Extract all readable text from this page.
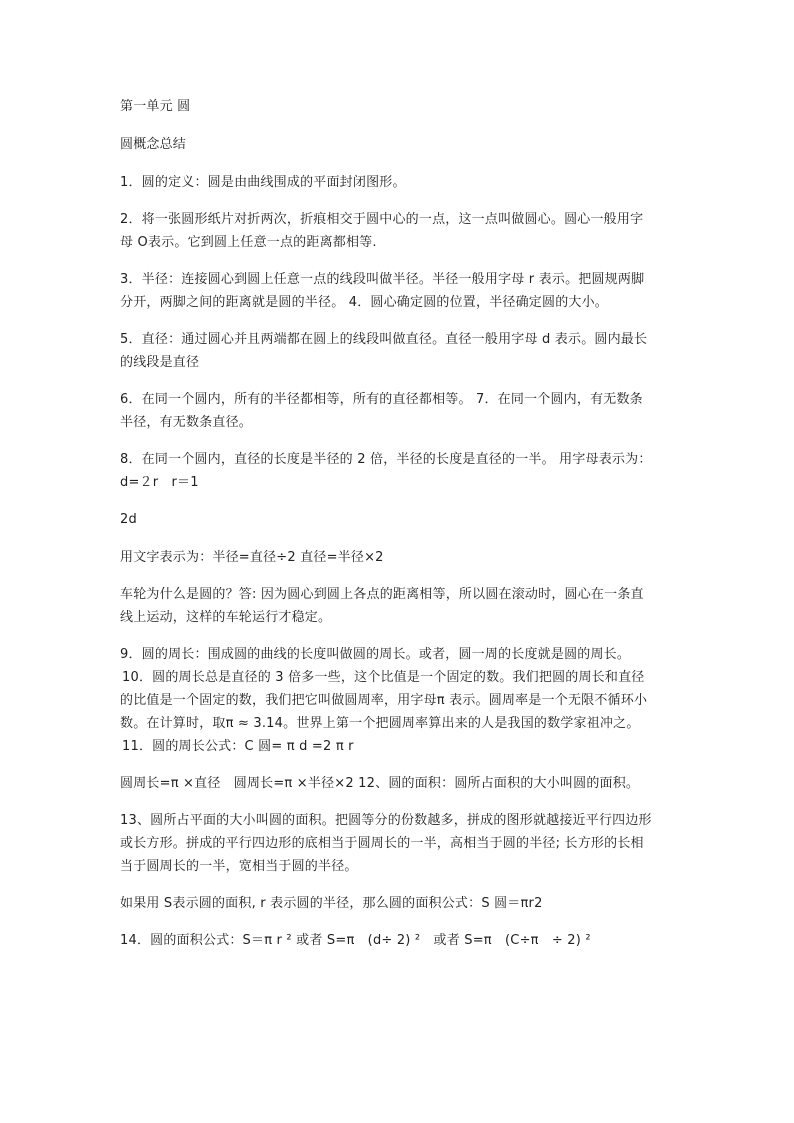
第一单元 圆

圆概念总结

1．圆的定义：圆是由曲线围成的平面封闭图形。

2．将一张圆形纸片对折两次，折痕相交于圆中心的一点，这一点叫做圆心。圆心一般用字
母 O表示。它到圆上任意一点的距离都相等.

3．半径：连接圆心到圆上任意一点的线段叫做半径。半径一般用字母 r 表示。把圆规两脚
分开，两脚之间的距离就是圆的半径。 4．圆心确定圆的位置，半径确定圆的大小。

5．直径：通过圆心并且两端都在圆上的线段叫做直径。直径一般用字母 d 表示。圆内最长
的线段是直径

6．在同一个圆内，所有的半径都相等，所有的直径都相等。 7．在同一个圆内，有无数条
半径，有无数条直径。

8．在同一个圆内，直径的长度是半径的 2 倍，半径的长度是直径的一半。 用字母表示为：
d=２r　r＝1

2d

用文字表示为：半径=直径÷2 直径=半径×2

车轮为什么是圆的？答: 因为圆心到圆上各点的距离相等，所以圆在滚动时，圆心在一条直
线上运动，这样的车轮运行才稳定。

9．圆的周长：围成圆的曲线的长度叫做圆的周长。或者，圆一周的长度就是圆的周长。
10．圆的周长总是直径的 3 倍多一些，这个比值是一个固定的数。我们把圆的周长和直径
的比值是一个固定的数，我们把它叫做圆周率，用字母π 表示。圆周率是一个无限不循环小
数。在计算时，取π ≈ 3.14。世界上第一个把圆周率算出来的人是我国的数学家祖冲之。
11．圆的周长公式：C 圆= π d =2 π r

圆周长=π ×直径　圆周长=π ×半径×2 12、圆的面积：圆所占面积的大小叫圆的面积。

13、圆所占平面的大小叫圆的面积。把圆等分的份数越多，拼成的图形就越接近平行四边形
或长方形。拼成的平行四边形的底相当于圆周长的一半，高相当于圆的半径; 长方形的长相
当于圆周长的一半，宽相当于圆的半径。

如果用 S表示圆的面积, r 表示圆的半径，那么圆的面积公式：S 圆＝πr2

14．圆的面积公式：S＝π r ² 或者 S=π　(d÷ 2) ²　或者 S=π　(C÷π　÷ 2) ²
